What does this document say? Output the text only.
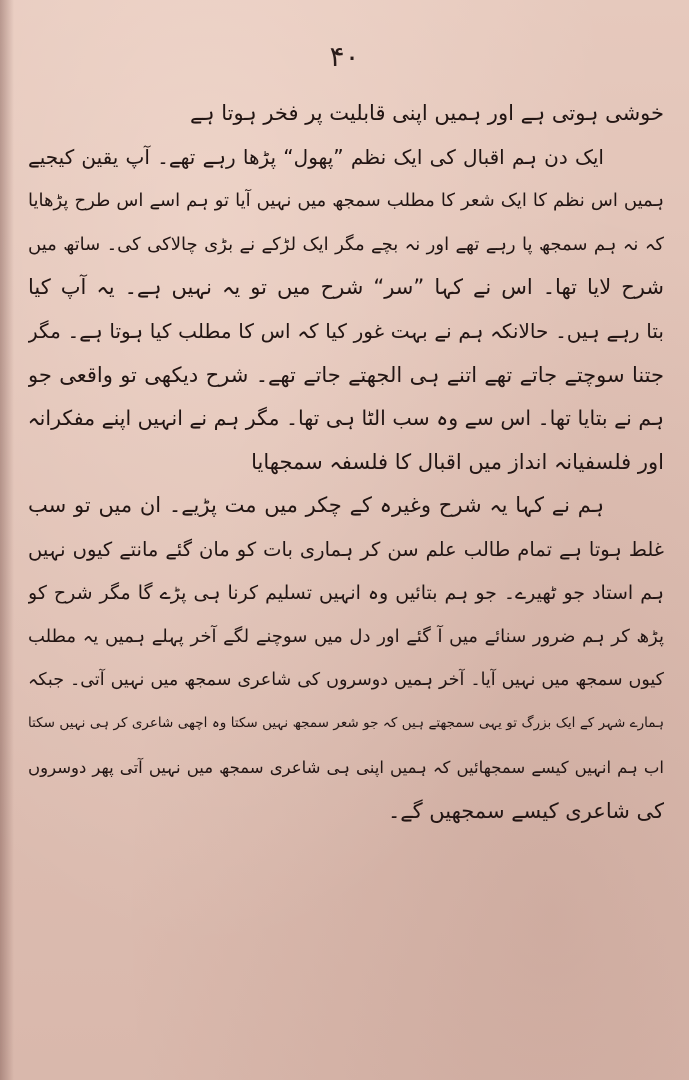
۴۰
خوشی ہوتی ہے اور ہمیں اپنی قابلیت پر فخر ہوتا ہے
ایک دن ہم اقبال کی ایک نظم ”پھول“ پڑھا رہے تھے۔ آپ یقین کیجیے
ہمیں اس نظم کا ایک شعر کا مطلب سمجھ میں نہیں آیا تو ہم اسے اس طرح پڑھایا
کہ نہ ہم سمجھ پا رہے تھے اور نہ بچے مگر ایک لڑکے نے بڑی چالاکی کی۔ ساتھ میں
شرح لایا تھا۔ اس نے کہا ”سر“ شرح میں تو یہ نہیں ہے۔ یہ آپ کیا
بتا رہے ہیں۔ حالانکہ ہم نے بہت غور کیا کہ اس کا مطلب کیا ہوتا ہے۔ مگر
جتنا سوچتے جاتے تھے اتنے ہی الجھتے جاتے تھے۔ شرح دیکھی تو واقعی جو
ہم نے بتایا تھا۔ اس سے وہ سب الٹا ہی تھا۔ مگر ہم نے انہیں اپنے مفکرانہ
اور فلسفیانہ انداز میں اقبال کا فلسفہ سمجھایا
ہم نے کہا یہ شرح وغیرہ کے چکر میں مت پڑیے۔ ان میں تو سب
غلط ہوتا ہے تمام طالب علم سن کر ہماری بات کو مان گئے مانتے کیوں نہیں
ہم استاد جو ٹھیرے۔ جو ہم بتائیں وہ انہیں تسلیم کرنا ہی پڑے گا مگر شرح کو
پڑھ کر ہم ضرور سنائے میں آ گئے اور دل میں سوچنے لگے آخر پہلے ہمیں یہ مطلب
کیوں سمجھ میں نہیں آیا۔ آخر ہمیں دوسروں کی شاعری سمجھ میں نہیں آتی۔ جبکہ
ہمارے شہر کے ایک بزرگ تو یہی سمجھتے ہیں کہ جو شعر سمجھ نہیں سکتا وہ اچھی شاعری کر ہی نہیں سکتا
اب ہم انہیں کیسے سمجھائیں کہ ہمیں اپنی ہی شاعری سمجھ میں نہیں آتی پھر دوسروں
کی شاعری کیسے سمجھیں گے۔
